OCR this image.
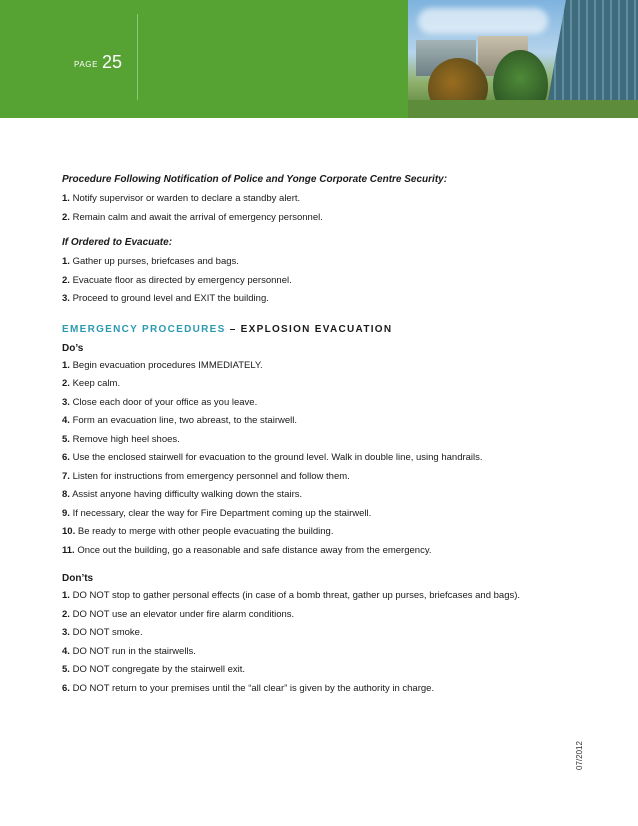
PAGE 25
Procedure Following Notification of Police and Yonge Corporate Centre Security:
1. Notify supervisor or warden to declare a standby alert.
2. Remain calm and await the arrival of emergency personnel.
If Ordered to Evacuate:
1. Gather up purses, briefcases and bags.
2. Evacuate floor as directed by emergency personnel.
3. Proceed to ground level and EXIT the building.
EMERGENCY PROCEDURES – EXPLOSION EVACUATION
Do’s
1. Begin evacuation procedures IMMEDIATELY.
2. Keep calm.
3. Close each door of your office as you leave.
4. Form an evacuation line, two abreast, to the stairwell.
5. Remove high heel shoes.
6. Use the enclosed stairwell for evacuation to the ground level. Walk in double line, using handrails.
7. Listen for instructions from emergency personnel and follow them.
8. Assist anyone having difficulty walking down the stairs.
9. If necessary, clear the way for Fire Department coming up the stairwell.
10. Be ready to merge with other people evacuating the building.
11. Once out the building, go a reasonable and safe distance away from the emergency.
Don’ts
1. DO NOT stop to gather personal effects (in case of a bomb threat, gather up purses, briefcases and bags).
2. DO NOT use an elevator under fire alarm conditions.
3. DO NOT smoke.
4. DO NOT run in the stairwells.
5. DO NOT congregate by the stairwell exit.
6. DO NOT return to your premises until the “all clear” is given by the authority in charge.
07/2012
